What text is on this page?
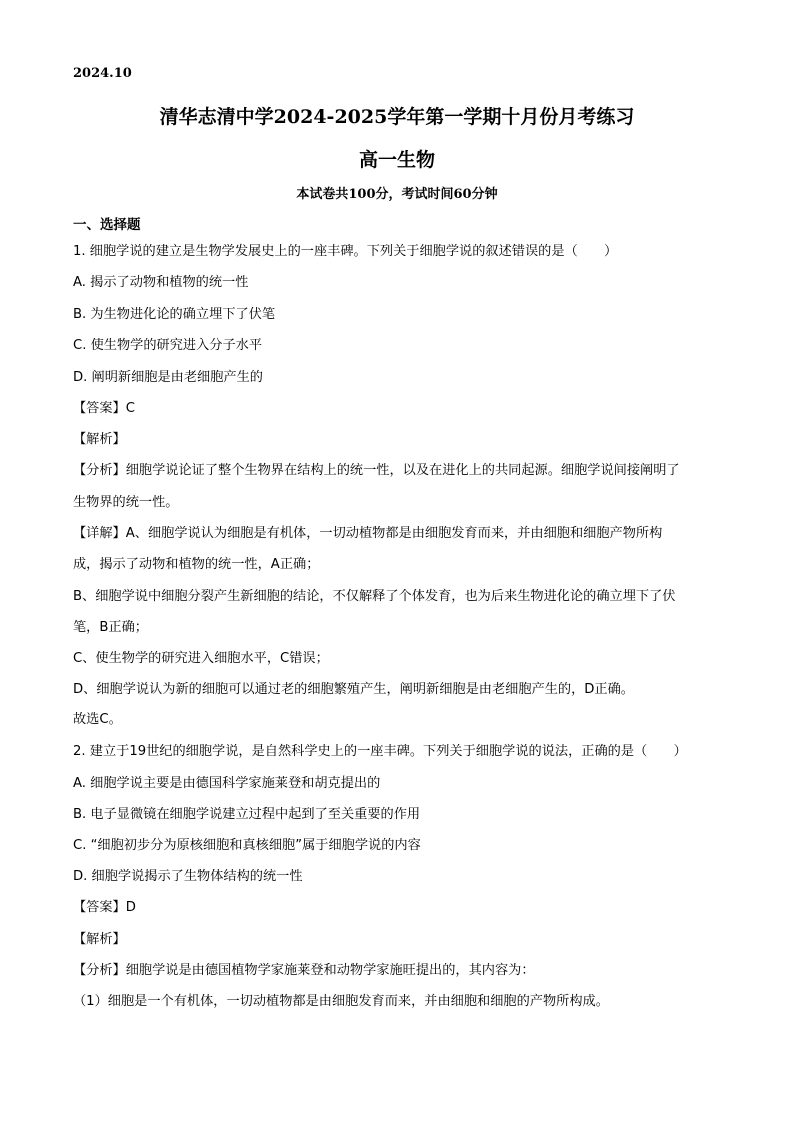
2024.10
清华志清中学2024-2025学年第一学期十月份月考练习
高一生物
本试卷共100分，考试时间60分钟
一、选择题
1. 细胞学说的建立是生物学发展史上的一座丰碑。下列关于细胞学说的叙述错误的是（　　）
A. 揭示了动物和植物的统一性
B. 为生物进化论的确立埋下了伏笔
C. 使生物学的研究进入分子水平
D. 阐明新细胞是由老细胞产生的
【答案】C
【解析】
【分析】细胞学说论证了整个生物界在结构上的统一性，以及在进化上的共同起源。细胞学说间接阐明了
生物界的统一性。
【详解】A、细胞学说认为细胞是有机体，一切动植物都是由细胞发育而来，并由细胞和细胞产物所构
成，揭示了动物和植物的统一性，A正确；
B、细胞学说中细胞分裂产生新细胞的结论，不仅解释了个体发育，也为后来生物进化论的确立埋下了伏
笔，B正确；
C、使生物学的研究进入细胞水平，C错误；
D、细胞学说认为新的细胞可以通过老的细胞繁殖产生，阐明新细胞是由老细胞产生的，D正确。
故选C。
2. 建立于19世纪的细胞学说，是自然科学史上的一座丰碑。下列关于细胞学说的说法，正确的是（　　）
A. 细胞学说主要是由德国科学家施莱登和胡克提出的
B. 电子显微镜在细胞学说建立过程中起到了至关重要的作用
C. “细胞初步分为原核细胞和真核细胞”属于细胞学说的内容
D. 细胞学说揭示了生物体结构的统一性
【答案】D
【解析】
【分析】细胞学说是由德国植物学家施莱登和动物学家施旺提出的，其内容为：
（1）细胞是一个有机体，一切动植物都是由细胞发育而来，并由细胞和细胞的产物所构成。
